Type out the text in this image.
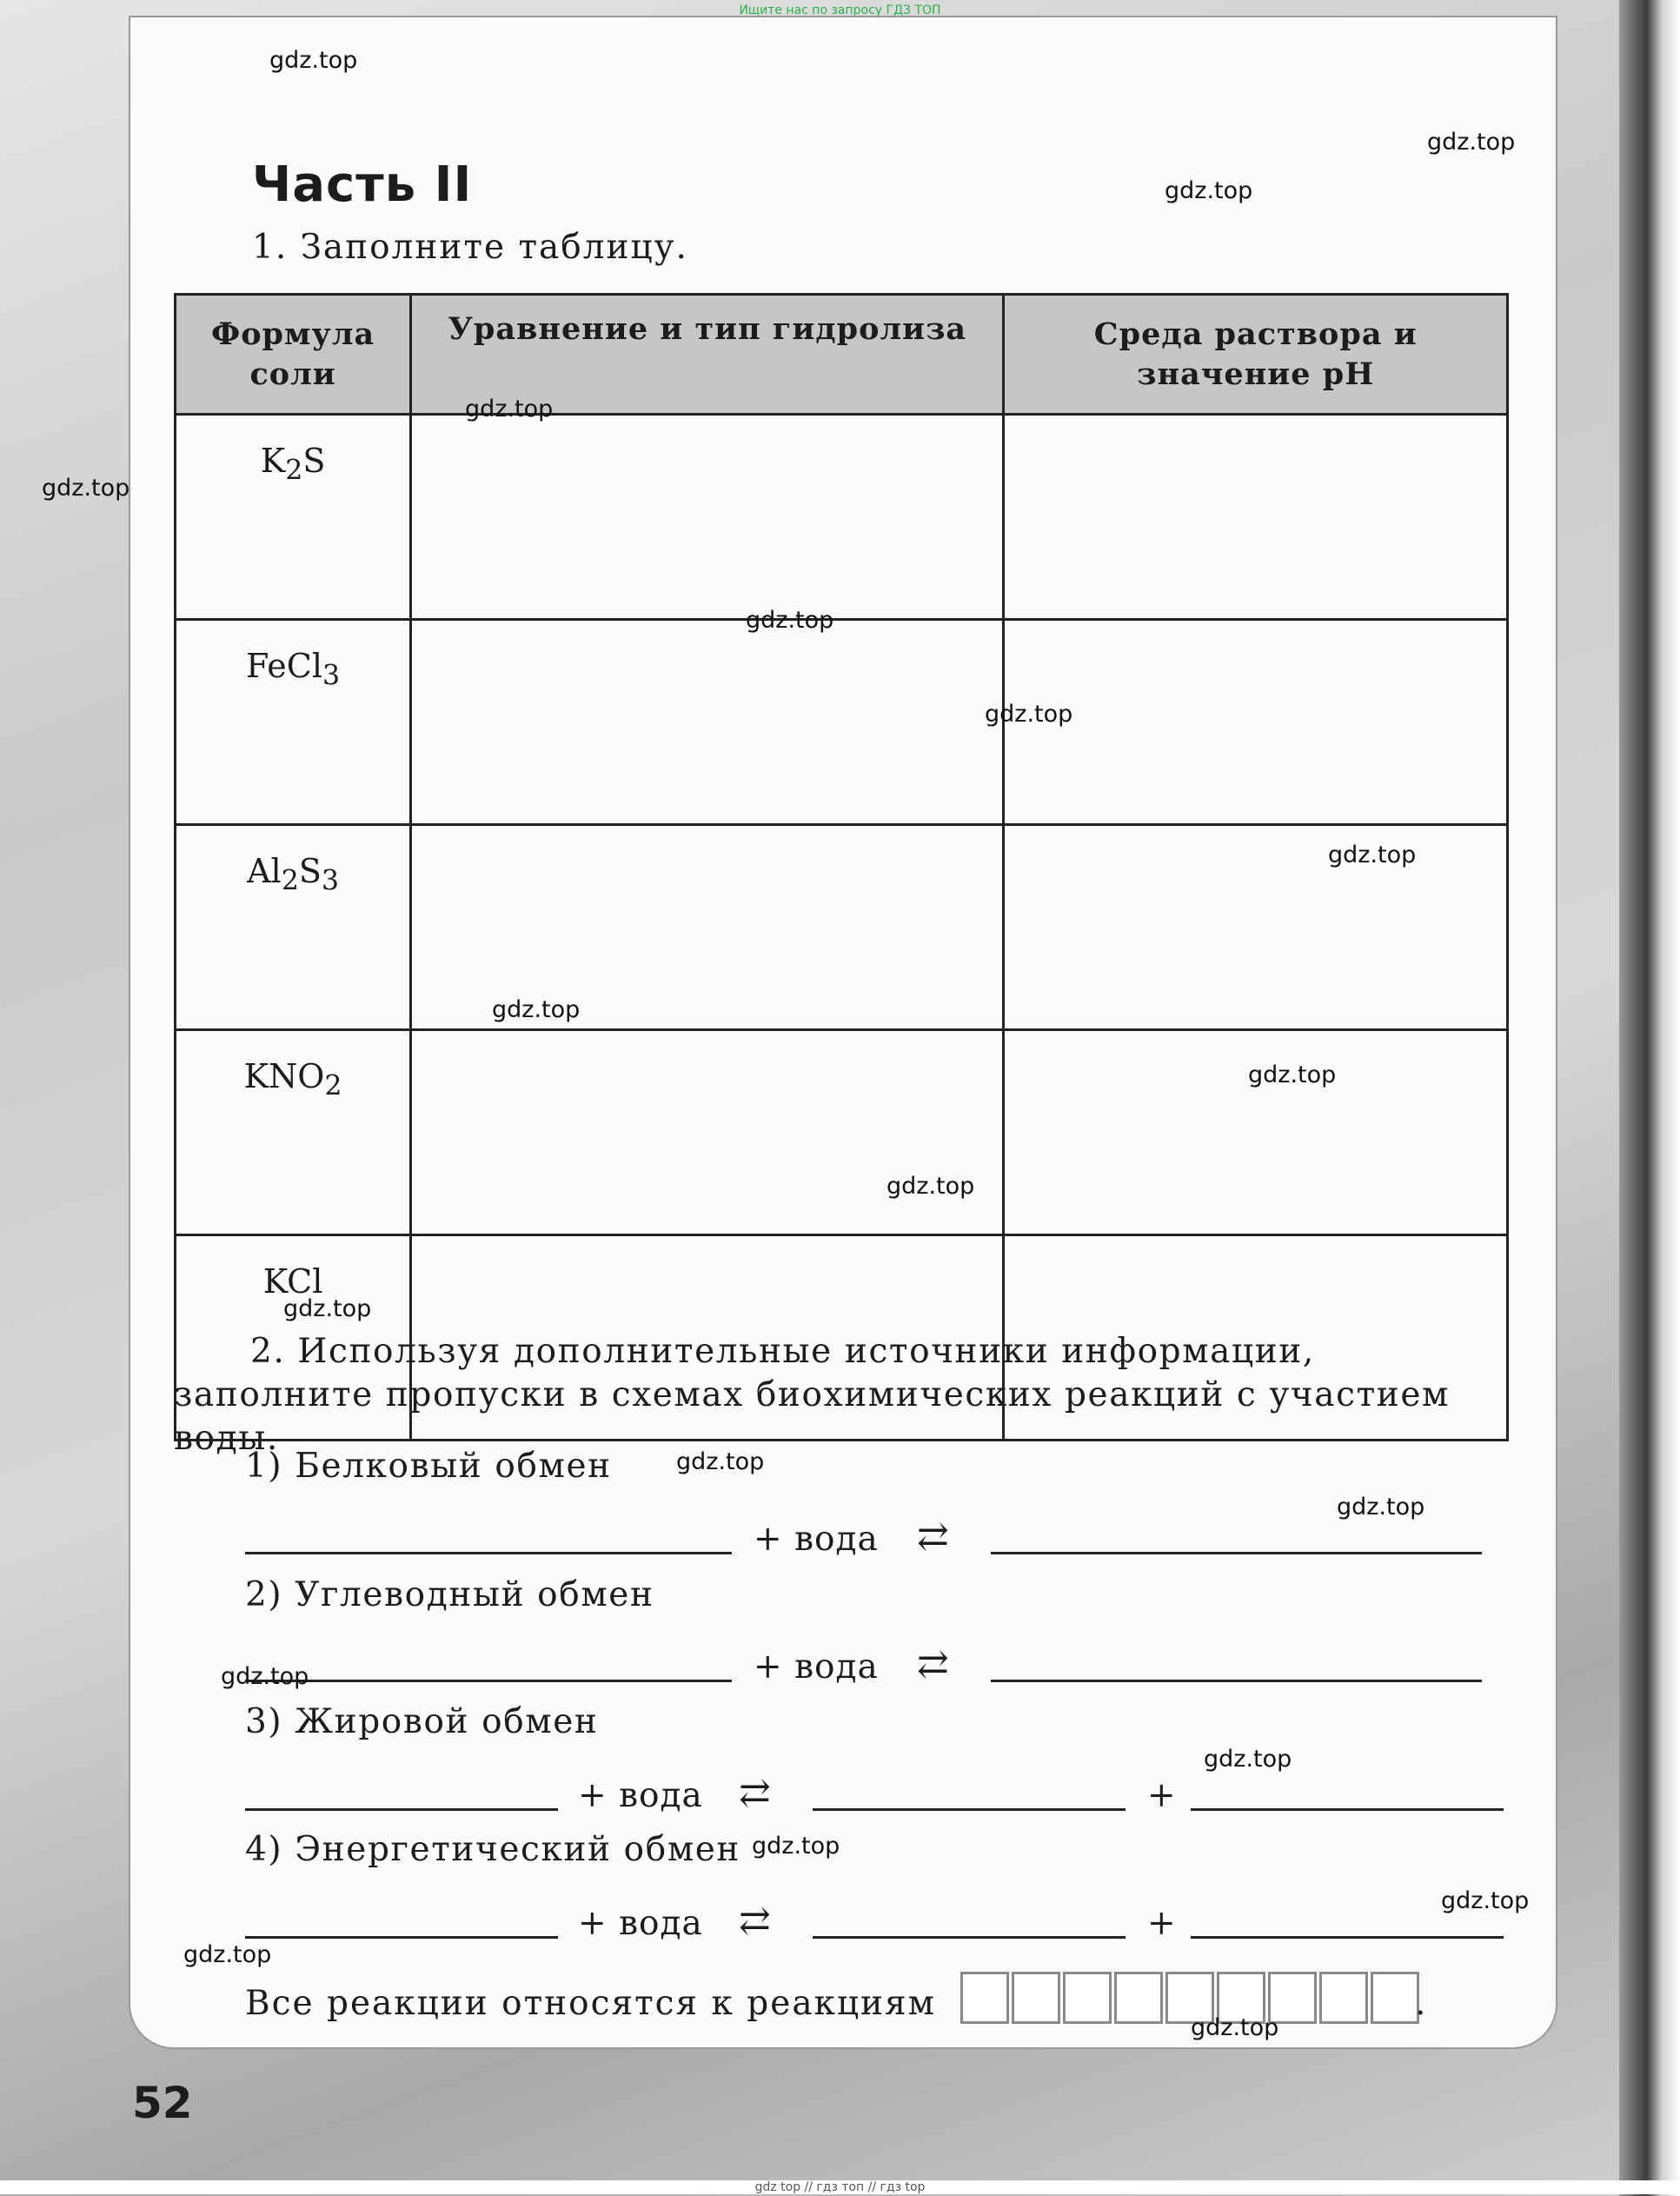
Ищите нас по запросу ГДЗ ТОП
Часть II
1. Заполните таблицу.
Формула соли	Уравнение и тип гидролиза	Среда раствора и значение pH
$K_2S$		
FeCl$_3$		
$Al_2S_3$		
$KNO_2$		
KCl		
2. Используя дополнительные источники информации, заполните пропуски в схемах биохимических реакций с участием воды.
1) Белковый обмен
+ вода ⇄
2) Углеводный обмен
+ вода ⇄
3) Жировой обмен
+ вода ⇄	+
4) Энергетический обмен
+ вода ⇄	+
Все реакции относятся к реакциям	.
52
gdz.top
gdz.top
gdz.top
gdz.top
gdz.top
gdz.top
gdz.top
gdz.top
gdz.top
gdz.top
gdz.top
gdz.top
gdz.top
gdz.top
gdz.top
gdz.top
gdz.top
gdz.top
gdz.top
gdz.top
gdz top // гдз топ // гдз top
